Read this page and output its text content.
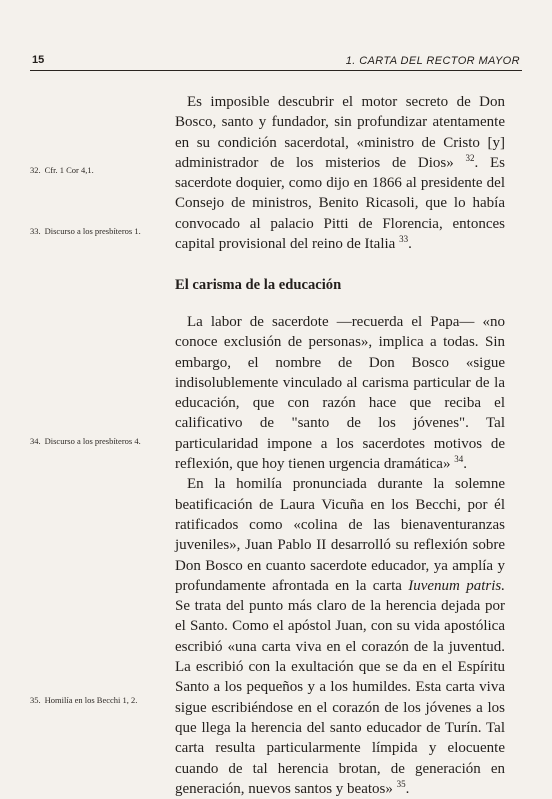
15	1. CARTA DEL RECTOR MAYOR

Es imposible descubrir el motor secreto de Don Bosco, santo y fundador, sin profundizar atentamente en su condición sacerdotal, «ministro de Cristo [y] administrador de los misterios de Dios» $^{32}$. Es sacerdote doquier, como dijo en 1866 al presidente del Consejo de ministros, Benito Ricasoli, que lo había convocado al palacio Pitti de Florencia, entonces capital provisional del reino de Italia $^{33}$.

El carisma de la educación

La labor de sacerdote —recuerda el Papa— «no conoce exclusión de personas», implica a todas. Sin embargo, el nombre de Don Bosco «sigue indisolublemente vinculado al carisma particular de la educación, que con razón hace que reciba el calificativo de "santo de los jóvenes". Tal particularidad impone a los sacerdotes motivos de reflexión, que hoy tienen urgencia dramática» $^{34}$.

En la homilía pronunciada durante la solemne beatificación de Laura Vicuña en los Becchi, por él ratificados como «colina de las bienaventuranzas juveniles», Juan Pablo II desarrolló su reflexión sobre Don Bosco en cuanto sacerdote educador, ya amplía y profundamente afrontada en la carta Iuvenum patris. Se trata del punto más claro de la herencia dejada por el Santo. Como el apóstol Juan, con su vida apostólica escribió «una carta viva en el corazón de la juventud. La escribió con la exultación que se da en el Espíritu Santo a los pequeños y a los humildes. Esta carta viva sigue escribiéndose en el corazón de los jóvenes a los que llega la herencia del santo educador de Turín. Tal carta resulta particularmente límpida y elocuente cuando de tal herencia brotan, de generación en generación, nuevos santos y beatos» $^{35}$.

32. Cfr. 1 Cor 4,1.
33. Discurso a los presbíteros 1.
34. Discurso a los presbíteros 4.
35. Homilía en los Becchi 1, 2.
